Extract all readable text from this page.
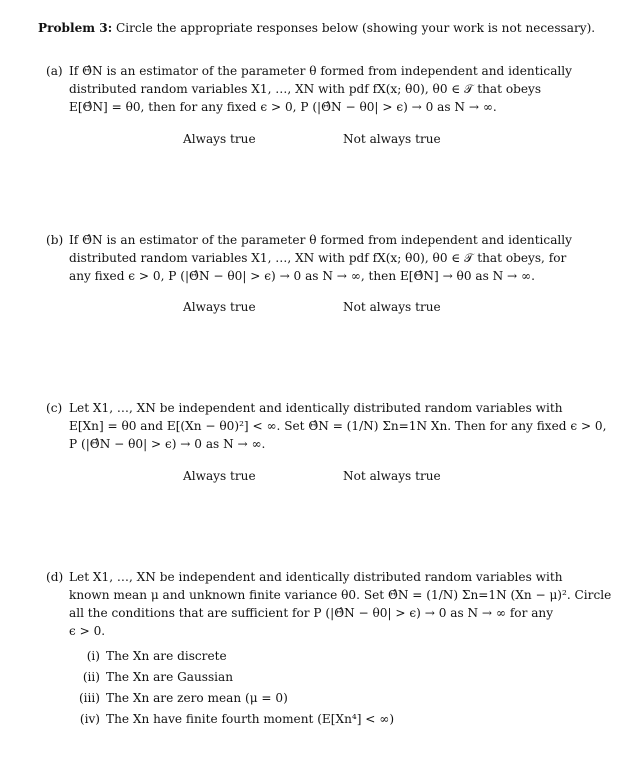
Problem 3: Circle the appropriate responses below (showing your work is not necessary).
(a) If Θ̂N is an estimator of the parameter θ formed from independent and identically
distributed random variables X1, …, XN with pdf fX(x; θ0), θ0 ∈ 𝒯 that obeys
E[Θ̂N] = θ0, then for any fixed ϵ > 0, P (|Θ̂N − θ0| > ϵ) → 0 as N → ∞.
Always true	Not always true
(b) If Θ̂N is an estimator of the parameter θ formed from independent and identically
distributed random variables X1, …, XN with pdf fX(x; θ0), θ0 ∈ 𝒯 that obeys, for
any fixed ϵ > 0, P (|Θ̂N − θ0| > ϵ) → 0 as N → ∞, then E[Θ̂N] → θ0 as N → ∞.
Always true	Not always true
(c) Let X1, …, XN be independent and identically distributed random variables with
E[Xn] = θ0 and E[(Xn − θ0)²] < ∞. Set Θ̂N = (1/N) Σn=1N Xn. Then for any fixed ϵ > 0,
P (|Θ̂N − θ0| > ϵ) → 0 as N → ∞.
Always true	Not always true
(d) Let X1, …, XN be independent and identically distributed random variables with
known mean μ and unknown finite variance θ0. Set Θ̂N = (1/N) Σn=1N (Xn − μ)². Circle
all the conditions that are sufficient for P (|Θ̂N − θ0| > ϵ) → 0 as N → ∞ for any
ϵ > 0.
(i) The Xn are discrete
(ii) The Xn are Gaussian
(iii) The Xn are zero mean (μ = 0)
(iv) The Xn have finite fourth moment (E[Xn⁴] < ∞)
